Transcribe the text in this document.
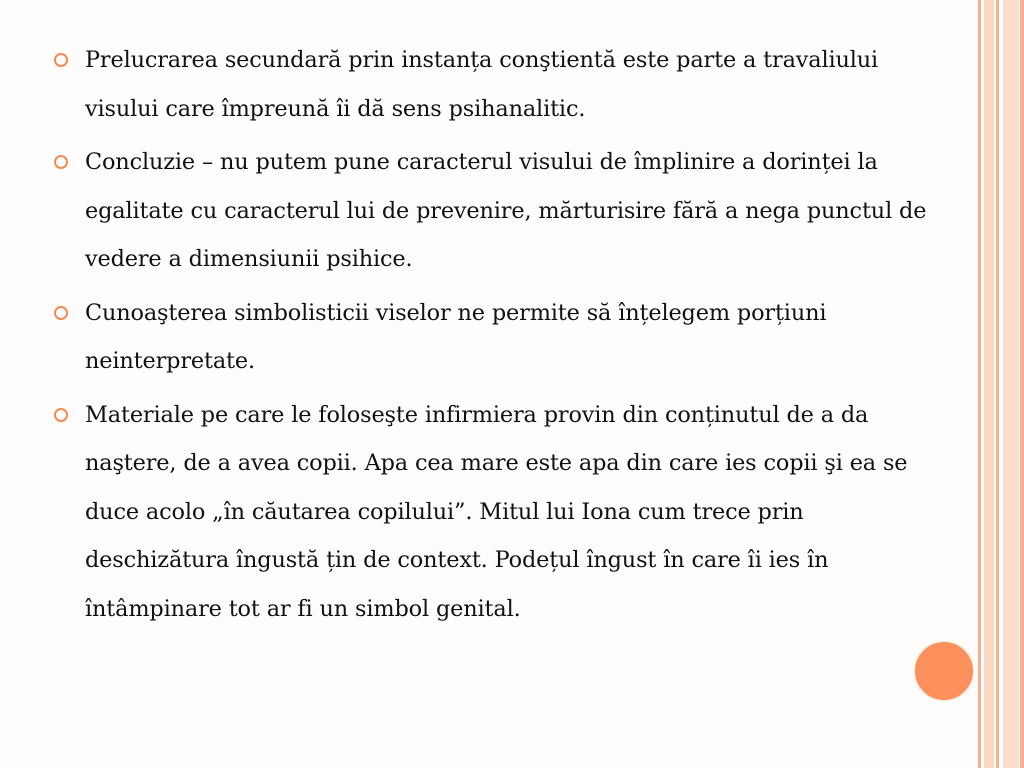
Prelucrarea secundară prin instanța conştientă este parte a travaliului visului care împreună îi dă sens psihanalitic.
Concluzie – nu putem pune caracterul visului de împlinire a dorinței la egalitate cu caracterul lui de prevenire, mărturisire fără a nega punctul de vedere a dimensiunii psihice.
Cunoaşterea simbolisticii viselor ne permite să înțelegem porțiuni neinterpretate.
Materiale pe care le foloseşte infirmiera provin din conținutul de a da naştere, de a avea copii. Apa cea mare este apa din care ies copii şi ea se duce acolo „în căutarea copilului”. Mitul lui Iona cum trece prin deschizătura îngustă țin de context. Podețul îngust în care îi ies în întâmpinare tot ar fi un simbol genital.
